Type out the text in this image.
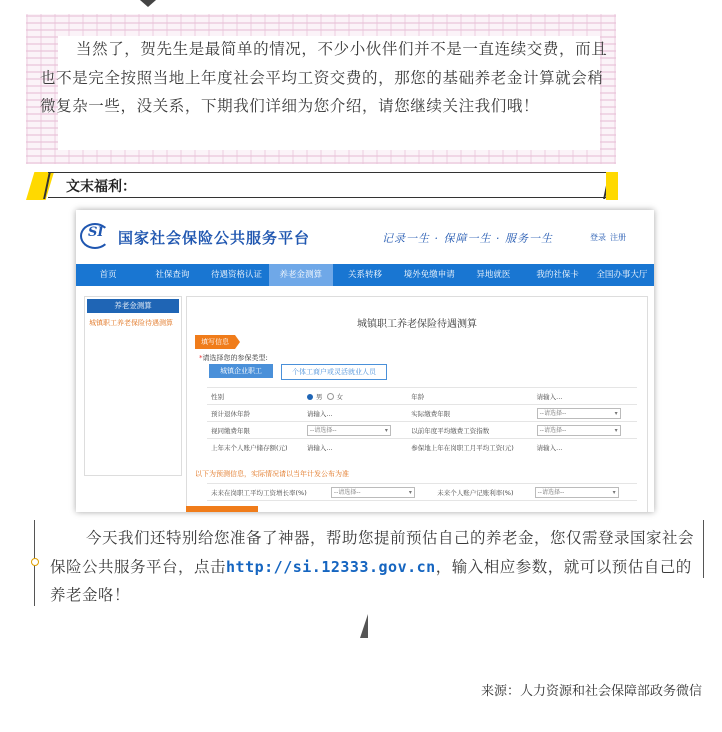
当然了，贺先生是最简单的情况，不少小伙伴们并不是一直连续交费，而且也不是完全按照当地上年度社会平均工资交费的，那您的基础养老金计算就会稍微复杂一些，没关系，下期我们详细为您介绍，请您继续关注我们哦！
文末福利：
SI 国家社会保险公共服务平台	记录一生 · 保障一生 · 服务一生	登录 注册
首页	社保查询	待遇资格认证	养老金测算	关系转移	境外免缴申请	异地就医	我的社保卡	全国办事大厅
养老金测算
城镇职工养老保险待遇测算	城镇职工养老保险待遇测算
填写信息
*请选择您的参保类型:
城镇企业职工	个体工商户或灵活就业人员
性别	男 女	年龄	请输入...
预计退休年龄	请输入...	实际缴费年限	--请选择-- ▾
视同缴费年限	--请选择-- ▾	以前年度平均缴费工资指数	--请选择-- ▾
上年末个人账户储存额(元)	请输入...	参保地上年在岗职工月平均工资(元)	请输入...
以下为预测信息，实际情况请以当年计发公布为准
未来在岗职工平均工资增长率(%)	--请选择-- ▾	未来个人账户记账利率(%)	--请选择-- ▾
今天我们还特别给您准备了神器，帮助您提前预估自己的养老金，您仅需登录国家社会保险公共服务平台，点击http://si.12333.gov.cn，输入相应参数，就可以预估自己的养老金咯！
来源：人力资源和社会保障部政务微信
